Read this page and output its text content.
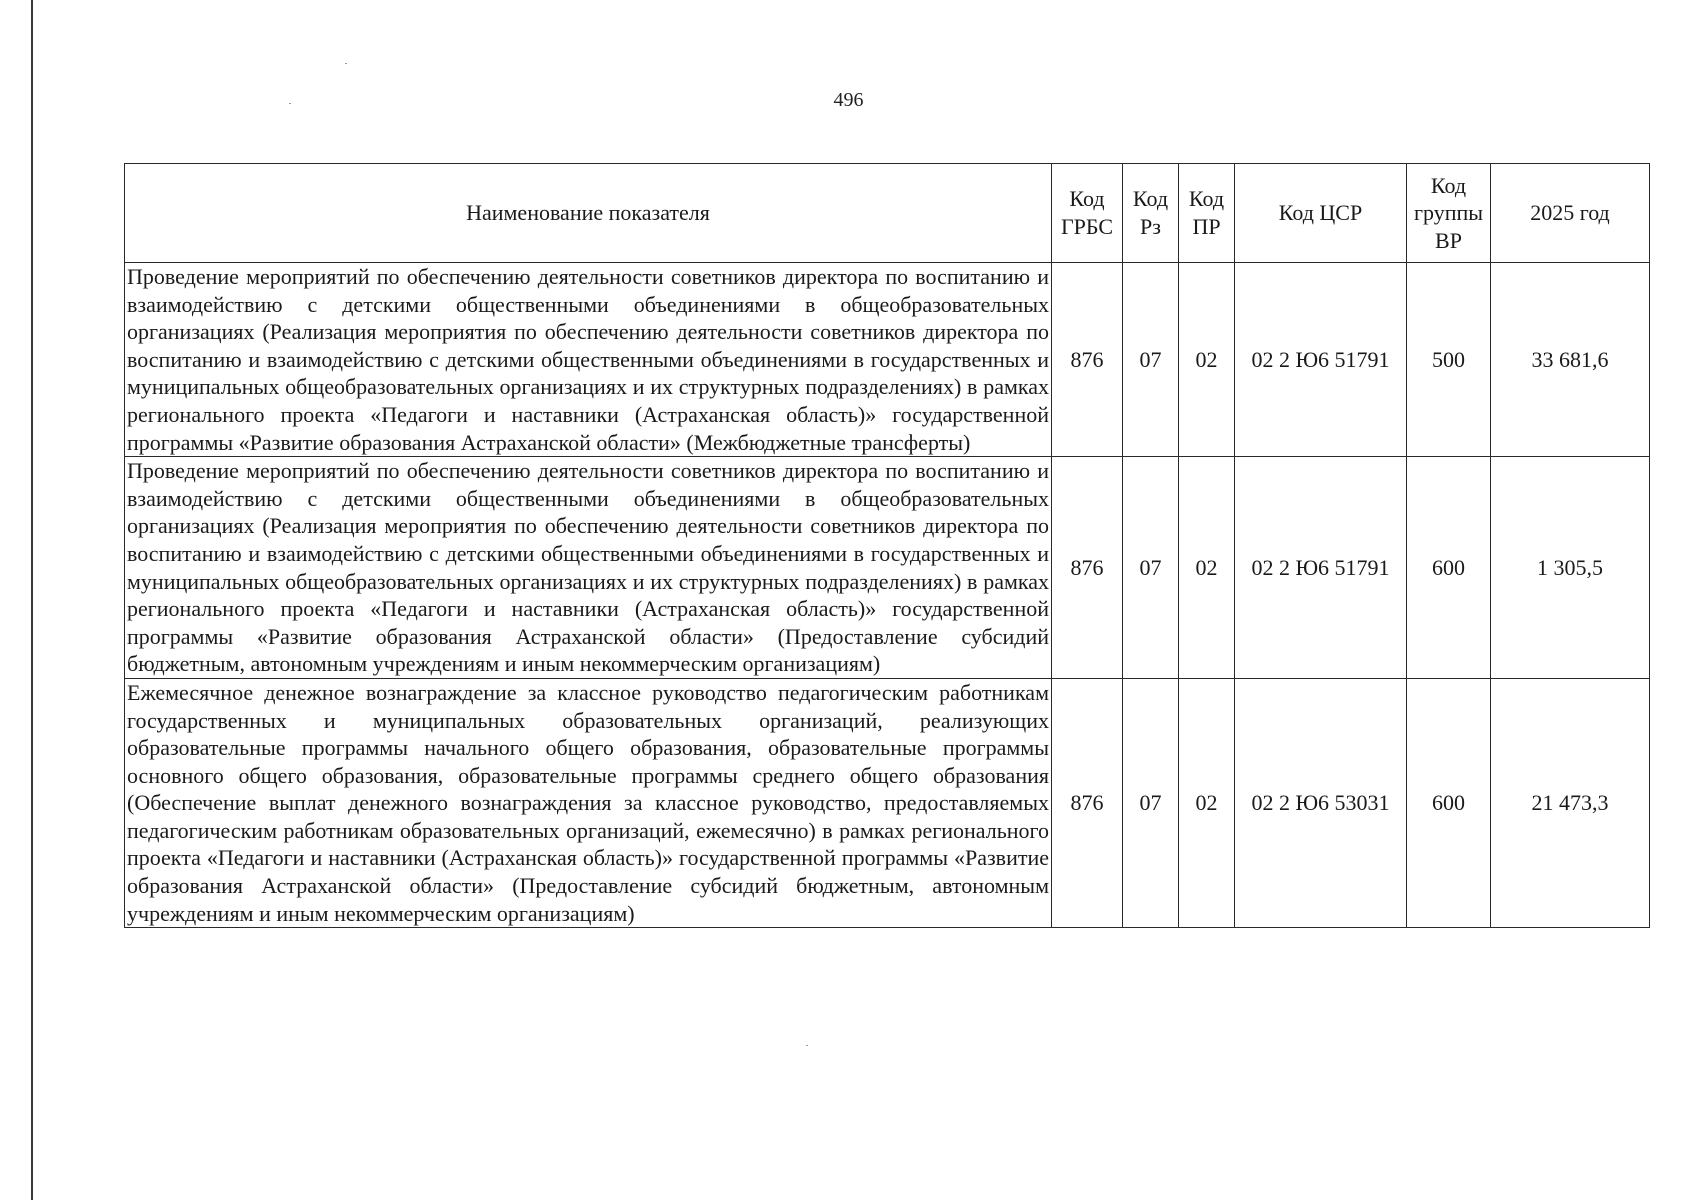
496
Наименование показателя	Код ГРБС	Код Рз	Код ПР	Код ЦСР	Код группы ВР	2025 год
Проведение мероприятий по обеспечению деятельности советников директора по воспитанию и взаимодействию с детскими общественными объединениями в общеобразовательных организациях (Реализация мероприятия по обеспечению деятельности советников директора по воспитанию и взаимодействию с детскими общественными объединениями в государственных и муниципальных общеобразовательных организациях и их структурных подразделениях) в рамках регионального проекта «Педагоги и наставники (Астраханская область)» государственной программы «Развитие образования Астраханской области» (Межбюджетные трансферты)	876	07	02	02 2 Ю6 51791	500	33 681,6
Проведение мероприятий по обеспечению деятельности советников директора по воспитанию и взаимодействию с детскими общественными объединениями в общеобразовательных организациях (Реализация мероприятия по обеспечению деятельности советников директора по воспитанию и взаимодействию с детскими общественными объединениями в государственных и муниципальных общеобразовательных организациях и их структурных подразделениях) в рамках регионального проекта «Педагоги и наставники (Астраханская область)» государственной программы «Развитие образования Астраханской области» (Предоставление субсидий бюджетным, автономным учреждениям и иным некоммерческим организациям)	876	07	02	02 2 Ю6 51791	600	1 305,5
Ежемесячное денежное вознаграждение за классное руководство педагогическим работникам государственных и муниципальных образовательных организаций, реализующих образовательные программы начального общего образования, образовательные программы основного общего образования, образовательные программы среднего общего образования (Обеспечение выплат денежного вознаграждения за классное руководство, предоставляемых педагогическим работникам образовательных организаций, ежемесячно) в рамках регионального проекта «Педагоги и наставники (Астраханская область)» государственной программы «Развитие образования Астраханской области» (Предоставление субсидий бюджетным, автономным учреждениям и иным некоммерческим организациям)	876	07	02	02 2 Ю6 53031	600	21 473,3
